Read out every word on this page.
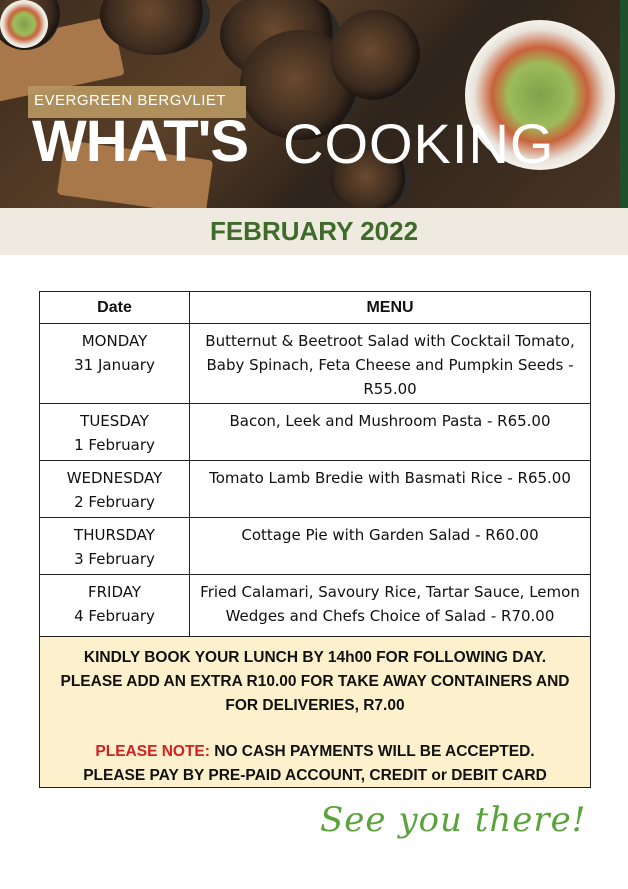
EVERGREEN BERGVLIET
WHAT'S COOKING
FEBRUARY 2022
Date	MENU

MONDAY
31 January	Butternut & Beetroot Salad with Cocktail Tomato, Baby Spinach, Feta Cheese and Pumpkin Seeds - R55.00

TUESDAY
1 February	Bacon, Leek and Mushroom Pasta - R65.00

WEDNESDAY
2 February	Tomato Lamb Bredie with Basmati Rice - R65.00

THURSDAY
3 February	Cottage Pie with Garden Salad - R60.00

FRIDAY
4 February	Fried Calamari, Savoury Rice, Tartar Sauce, Lemon Wedges and Chefs Choice of Salad - R70.00
KINDLY BOOK YOUR LUNCH BY 14h00 FOR FOLLOWING DAY.
PLEASE ADD AN EXTRA R10.00 FOR TAKE AWAY CONTAINERS AND
FOR DELIVERIES, R7.00
PLEASE NOTE: NO CASH PAYMENTS WILL BE ACCEPTED.
PLEASE PAY BY PRE-PAID ACCOUNT, CREDIT or DEBIT CARD
See you there!
